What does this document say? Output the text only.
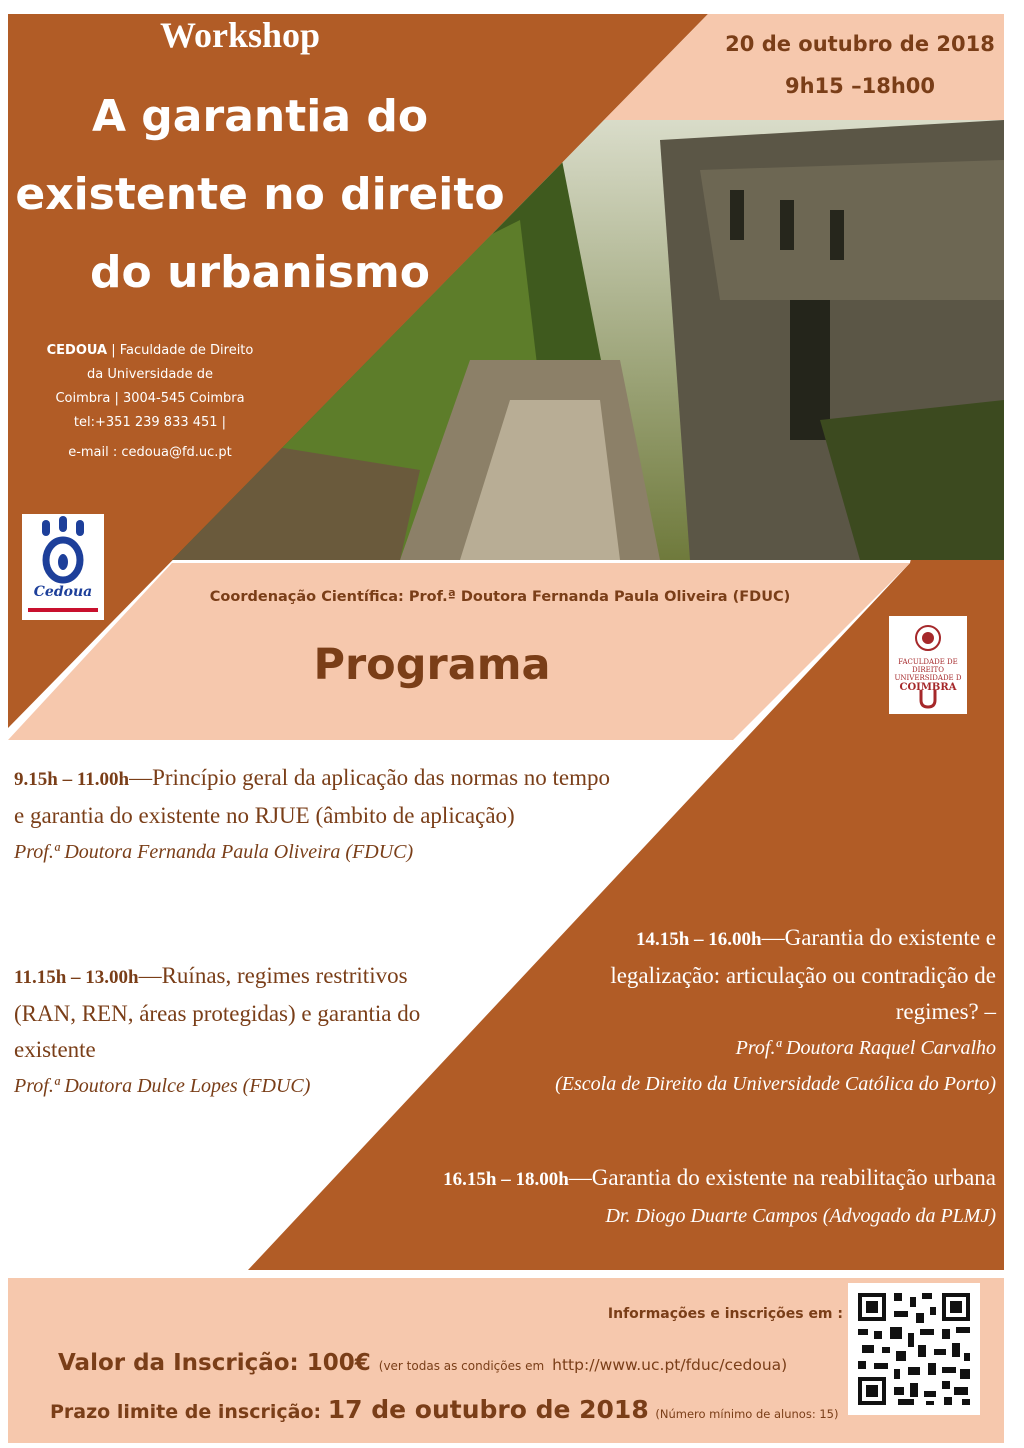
Workshop
A garantia do
existente no direito
do urbanismo
20 de outubro de 2018
9h15 –18h00
CEDOUA | Faculdade de Direito
da Universidade de
Coimbra | 3004-545 Coimbra
tel:+351 239 833 451 |
e-mail : cedoua@fd.uc.pt
Cedoua	Coordenação Científica: Prof.ª Doutora Fernanda Paula Oliveira (FDUC)
Programa	FACULDADE DE DIREITO
UNIVERSIDADE D
COIMBRA
9.15h – 11.00h—Princípio geral da aplicação das normas no tempo e garantia do existente no RJUE (âmbito de aplicação)
Prof.ª Doutora Fernanda Paula Oliveira (FDUC)
11.15h – 13.00h—Ruínas, regimes restritivos (RAN, REN, áreas protegidas) e garantia do existente
Prof.ª Doutora Dulce Lopes (FDUC)
14.15h – 16.00h—Garantia do existente e legalização: articulação ou contradição de regimes? –
Prof.ª Doutora Raquel Carvalho
(Escola de Direito da Universidade Católica do Porto)
16.15h – 18.00h—Garantia do existente na reabilitação urbana
Dr. Diogo Duarte Campos (Advogado da PLMJ)
Informações e inscrições em :
Valor da Inscrição: 100€ (ver todas as condições em http://www.uc.pt/fduc/cedoua)
Prazo limite de inscrição: 17 de outubro de 2018 (Número mínimo de alunos: 15)
